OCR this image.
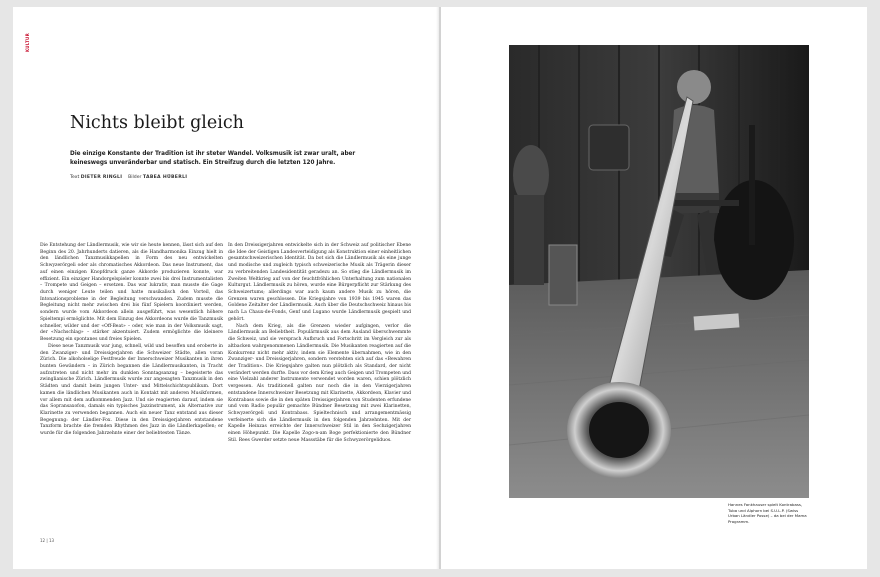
KULTUR
Nichts bleibt gleich
Die einzige Konstante der Tradition ist ihr steter Wandel. Volksmusik ist zwar uralt, aber keineswegs unveränderbar und statisch. Ein Streifzug durch die letzten 120 Jahre.
Text DIETER RINGLI Bilder TABEA HÜBERLI

Die Entstehung der Ländlermusik, wie wir sie heute kennen, lässt sich auf den Beginn des 20. Jahrhunderts datieren, als die Handharmonika Einzug hielt in den ländlichen Tanzmusikkapellen in Form des neu entwickelten Schwyzerörgeli oder als chromatisches Akkordeon. Das neue Instrument, das auf einen einzigen Knopfdruck ganze Akkorde produzieren konnte, war effizient. Ein einziger Handorgelspieler konnte zwei bis drei Instrumentalisten – Trompete und Geigen – ersetzen. Das war lukrativ, man musste die Gage durch weniger Leute teilen und hatte musikalisch den Vorteil, das Intonationsprobleme in der Begleitung verschwanden. Zudem musste die Begleitung nicht mehr zwischen drei bis fünf Spielern koordiniert werden, sondern wurde vom Akkordeon allein ausgeführt, was wesentlich höhere Spieltempi ermöglichte. Mit dem Einzug des Akkordeons wurde die Tanzmusik schneller, wilder und der «Off-Beat» – oder, wie man in der Volksmusik sagt, der «Nachschlag» – stärker akzentuiert. Zudem ermöglichte die kleinere Besetzung ein spontanes und freies Spielen.

Diese neue Tanzmusik war jung, schnell, wild und besoffen und eroberte in den Zwanziger- und Dreissigerjahren die Schweizer Städte, allen voran Zürich. Die alkoholselige Festfreude der Innerschweizer Musikanten in ihren bunten Gewändern – in Zürich begannen die Ländlermusikanten, in Tracht aufzutreten und nicht mehr im dunklen Sonntagsanzug – begeisterte das zwinglianische Zürich. Ländlermusik wurde zur angesagten Tanzmusik in den Städten und damit beim jungen Unter- und Mittelschichtspublikum. Dort kamen die ländlichen Musikanten auch in Kontakt mit anderen Musikformen, vor allem mit dem aufkommenden Jazz. Und sie reagierten darauf, indem sie das Sopransaxofon, damals ein typisches Jazzinstrument, als Alternative zur Klarinette zu verwenden begannen. Auch ein neuer Tanz entstand aus dieser Begegnung: der Ländler-Fox. Diese in den Dreissigerjahren entstandene Tanzform brachte die fremden Rhythmen des Jazz in die Ländlerkapellen; er wurde für die folgenden Jahrzehnte einer der beliebtesten Tänze.

In den Dreissigerjahren entwickelte sich in der Schweiz auf politischer Ebene die Idee der Geistigen Landesverteidigung als Konstruktion einer einheitlichen gesamtschweizerischen Identität. Da bot sich die Ländlermusik als eine junge und modische und zugleich typisch schweizerische Musik als Trägerin dieser zu verbreitenden Landesidentität geradezu an. So stieg die Ländlermusik im Zweiten Weltkrieg auf von der feuchtfröhlichen Unterhaltung zum nationalen Kulturgut. Ländlermusik zu hören, wurde eine Bürgerpflicht zur Stärkung des Schweizertums; allerdings war auch kaum andere Musik zu hören, die Grenzen waren geschlossen. Die Kriegsjahre von 1939 bis 1945 waren das Goldene Zeitalter der Ländlermusik. Auch über die Deutschschweiz hinaus bis nach La Chaux-de-Fonds, Genf und Lugano wurde Ländlermusik gespielt und gehört.

Nach dem Krieg, als die Grenzen wieder aufgingen, verlor die Ländlermusik an Beliebtheit. Populärmusik aus dem Ausland überschwemmte die Schweiz, und sie versprach Aufbruch und Fortschritt im Vergleich zur als altbacken wahrgenommenen Ländlermusik. Die Musikanten reagierten auf die Konkurrenz nicht mehr aktiv, indem sie Elemente übernahmen, wie in den Zwanziger- und Dreissigerjahren, sondern verstehten sich auf das «Bewahren der Tradition». Die Kriegsjahre galten nun plötzlich als Standard, der nicht verändert werden durfte. Dass vor dem Krieg auch Geigen und Trompeten und eine Vielzahl anderer Instrumente verwendet worden waren, schien plötzlich vergessen. Als traditionell galten nur noch die in den Vierzigerjahren entstandene Innerschweizer Besetzung mit Klarinette, Akkordeon, Klavier und Kontrabass sowie die in den späten Dreissigerjahren von Studenten erfundene und vom Radio populär gemachte Bündner Besetzung mit zwei Klarinetten, Schwyzerörgeli und Kontrabass. Spieltechnisch und arrangementmässig verfeinerte sich die Ländlermusik in den folgenden Jahrzehnten. Mit der Kapelle Heinzas erreichte der Innerschweizer Stil in den Sechzigerjahren einen Höhepunkt. Die Kapelle Zogo-n-am Boge perfektionierte den Bündner Stil. Rees Gwerder setzte neue Massstäbe für die Schwyzerörgeliduos.

12 | 13
Hannes Fankhauser spielt Kontrabass, Tuba und Alphorn bei S.U.L.P. (Swiss Urban Ländler Posse) – da bei der Mama Programm.
